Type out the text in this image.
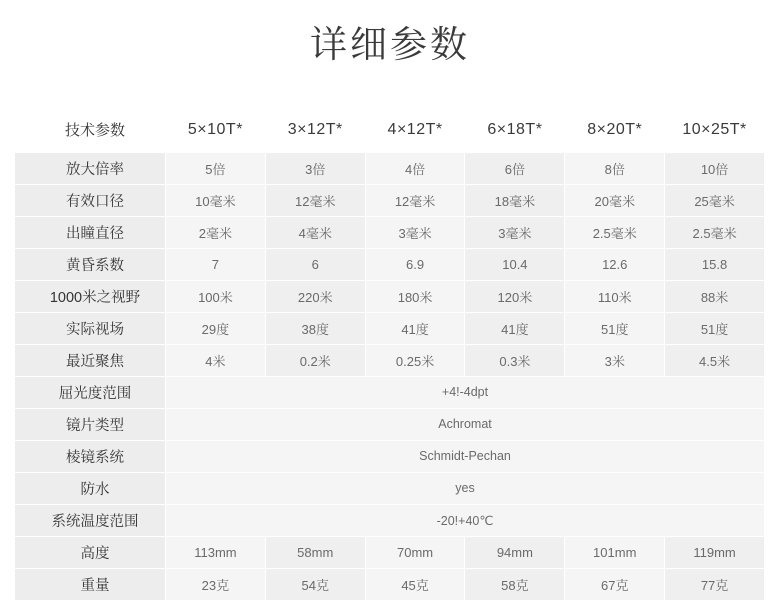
详细参数
技术参数	5×10T*	3×12T*	4×12T*	6×18T*	8×20T*	10×25T*
放大倍率	5倍	3倍	4倍	6倍	8倍	10倍
有效口径	10毫米	12毫米	12毫米	18毫米	20毫米	25毫米
出瞳直径	2毫米	4毫米	3毫米	3毫米	2.5毫米	2.5毫米
黄昏系数	7	6	6.9	10.4	12.6	15.8
1000米之视野	100米	220米	180米	120米	110米	88米
实际视场	29度	38度	41度	41度	51度	51度
最近聚焦	4米	0.2米	0.25米	0.3米	3米	4.5米
屈光度范围	+4!-4dpt					
镜片类型	Achromat					
棱镜系统	Schmidt-Pechan					
防水	yes					
系统温度范围	-20!+40℃					
高度	113mm	58mm	70mm	94mm	101mm	119mm
重量	23克	54克	45克	58克	67克	77克
